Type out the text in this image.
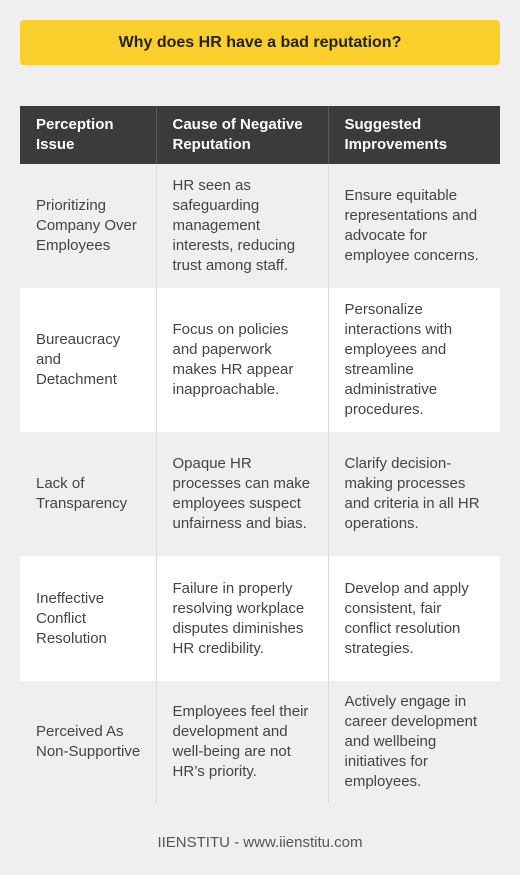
Why does HR have a bad reputation?
Perception Issue	Cause of Negative Reputation	Suggested Improvements
Prioritizing Company Over Employees	HR seen as safeguarding management interests, reducing trust among staff.	Ensure equitable representations and advocate for employee concerns.
Bureaucracy and Detachment	Focus on policies and paperwork makes HR appear inapproachable.	Personalize interactions with employees and streamline administrative procedures.
Lack of Transparency	Opaque HR processes can make employees suspect unfairness and bias.	Clarify decision-making processes and criteria in all HR operations.
Ineffective Conflict Resolution	Failure in properly resolving workplace disputes diminishes HR credibility.	Develop and apply consistent, fair conflict resolution strategies.
Perceived As Non-Supportive	Employees feel their development and well-being are not HR’s priority.	Actively engage in career development and wellbeing initiatives for employees.
IIENSTITU - www.iienstitu.com
